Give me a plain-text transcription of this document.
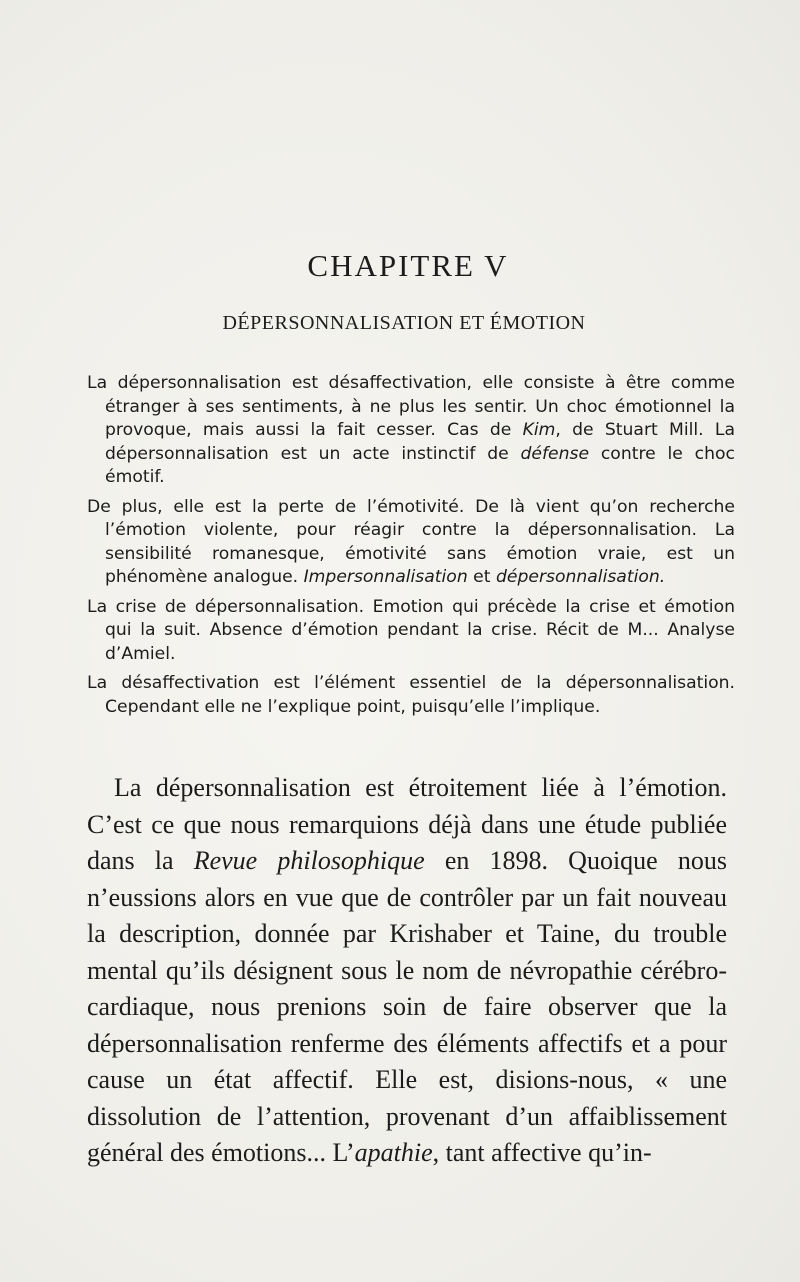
CHAPITRE V
DÉPERSONNALISATION ET ÉMOTION

La dépersonnalisation est désaffectivation, elle consiste à être comme étranger à ses sentiments, à ne plus les sentir. Un choc émotionnel la provoque, mais aussi la fait cesser. Cas de Kim, de Stuart Mill. La dépersonnalisation est un acte instinctif de défense contre le choc émotif.

De plus, elle est la perte de l’émotivité. De là vient qu’on recherche l’émotion violente, pour réagir contre la dépersonnalisation. La sensibilité romanesque, émotivité sans émotion vraie, est un phénomène analogue. Impersonnalisation et dépersonnalisation.

La crise de dépersonnalisation. Emotion qui précède la crise et émotion qui la suit. Absence d’émotion pendant la crise. Récit de M... Analyse d’Amiel.

La désaffectivation est l’élément essentiel de la dépersonnalisation. Cependant elle ne l’explique point, puisqu’elle l’implique.

La dépersonnalisation est étroitement liée à l’émotion. C’est ce que nous remarquions déjà dans une étude publiée dans la Revue philosophique en 1898. Quoique nous n’eussions alors en vue que de contrôler par un fait nouveau la description, donnée par Krishaber et Taine, du trouble mental qu’ils désignent sous le nom de névropathie cérébro-cardiaque, nous prenions soin de faire observer que la dépersonnalisation renferme des éléments affectifs et a pour cause un état affectif. Elle est, disions-nous, « une dissolution de l’attention, provenant d’un affaiblissement général des émotions... L’apathie, tant affective qu’in-
